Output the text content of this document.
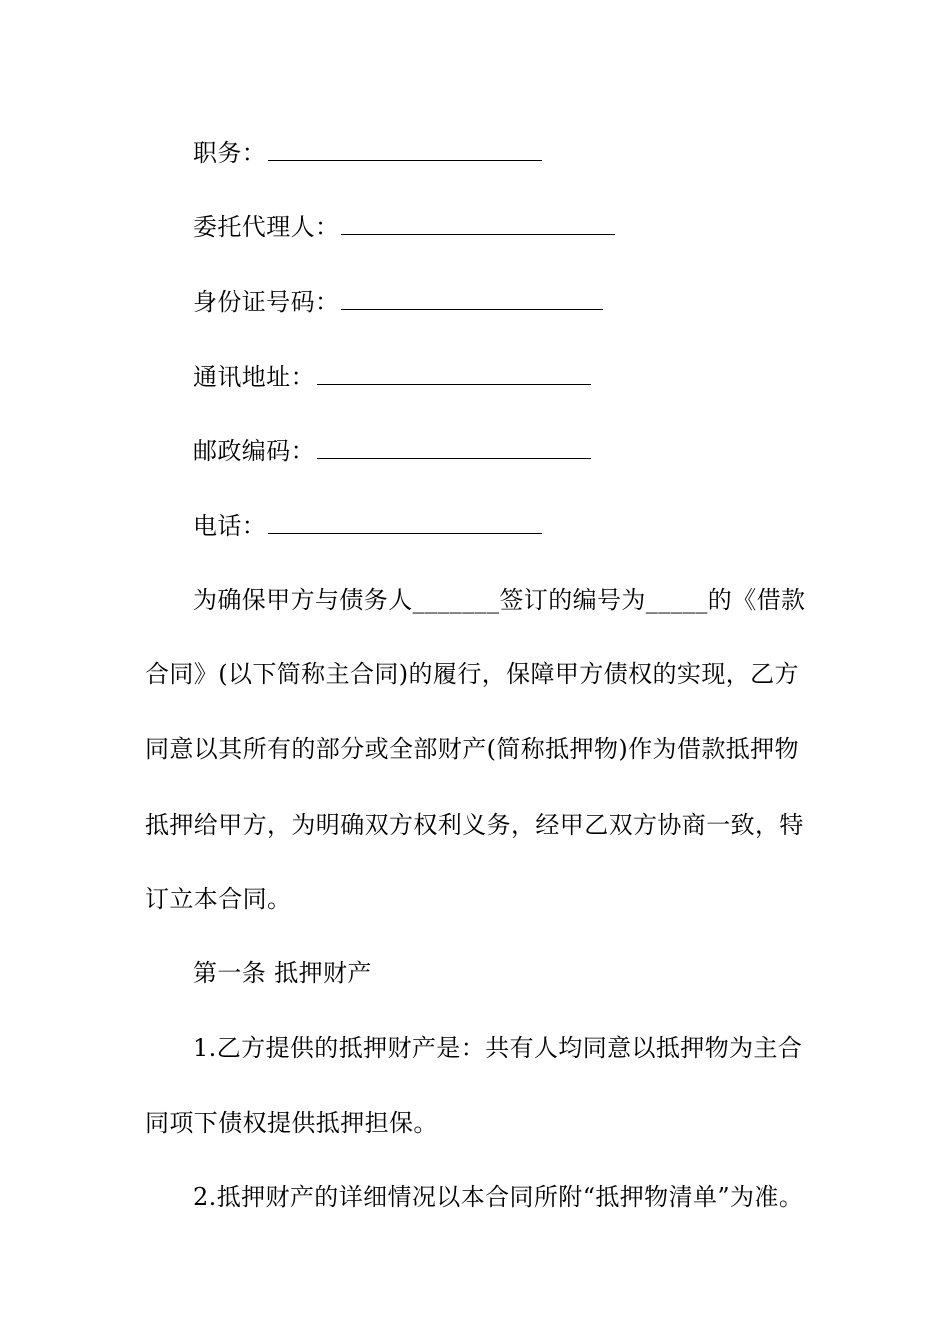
职务：
委托代理人：
身份证号码：
通讯地址：
邮政编码：
电话：
为确保甲方与债务人_______签订的编号为_____的《借款
合同》(以下简称主合同)的履行，保障甲方债权的实现，乙方
同意以其所有的部分或全部财产(简称抵押物)作为借款抵押物
抵押给甲方，为明确双方权利义务，经甲乙双方协商一致，特
订立本合同。
第一条 抵押财产
1.乙方提供的抵押财产是：共有人均同意以抵押物为主合
同项下债权提供抵押担保。
2.抵押财产的详细情况以本合同所附“抵押物清单”为准。
